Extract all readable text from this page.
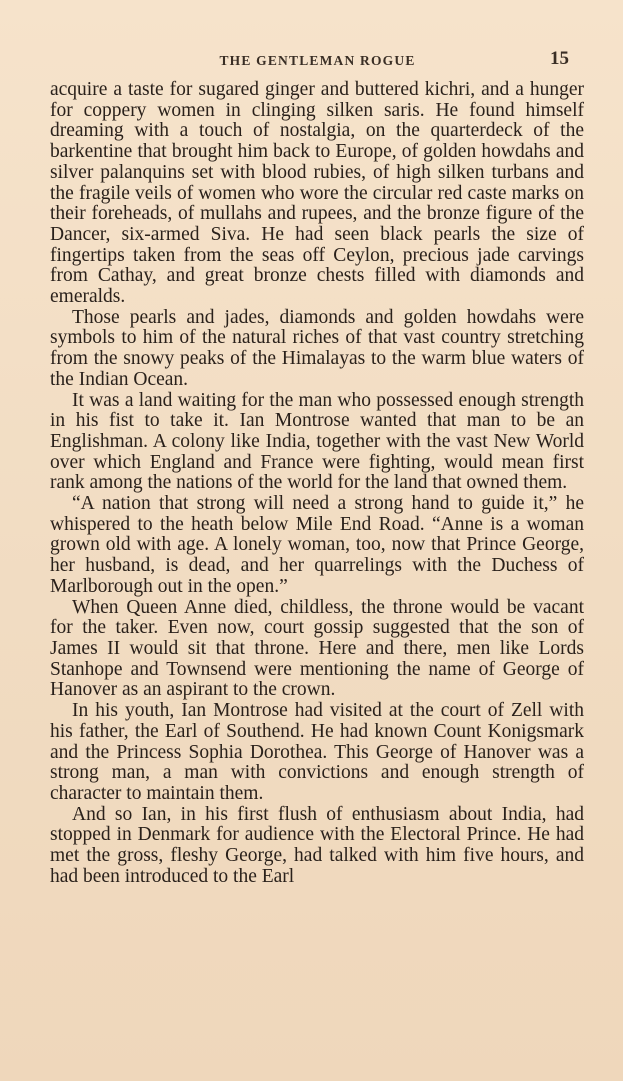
THE GENTLEMAN ROGUE	15

acquire a taste for sugared ginger and buttered kichri, and a hunger for coppery women in clinging silken saris. He found himself dreaming with a touch of nostalgia, on the quarterdeck of the barkentine that brought him back to Europe, of golden howdahs and silver palanquins set with blood rubies, of high silken turbans and the fragile veils of women who wore the circular red caste marks on their foreheads, of mullahs and rupees, and the bronze figure of the Dancer, six-armed Siva. He had seen black pearls the size of fingertips taken from the seas off Ceylon, precious jade carvings from Cathay, and great bronze chests filled with diamonds and emeralds.

Those pearls and jades, diamonds and golden howdahs were symbols to him of the natural riches of that vast country stretching from the snowy peaks of the Himalayas to the warm blue waters of the Indian Ocean.

It was a land waiting for the man who possessed enough strength in his fist to take it. Ian Montrose wanted that man to be an Englishman. A colony like India, together with the vast New World over which England and France were fighting, would mean first rank among the nations of the world for the land that owned them.

“A nation that strong will need a strong hand to guide it,” he whispered to the heath below Mile End Road. “Anne is a woman grown old with age. A lonely woman, too, now that Prince George, her husband, is dead, and her quarrelings with the Duchess of Marlborough out in the open.”

When Queen Anne died, childless, the throne would be vacant for the taker. Even now, court gossip suggested that the son of James II would sit that throne. Here and there, men like Lords Stanhope and Townsend were mentioning the name of George of Hanover as an aspirant to the crown.

In his youth, Ian Montrose had visited at the court of Zell with his father, the Earl of Southend. He had known Count Konigsmark and the Princess Sophia Dorothea. This George of Hanover was a strong man, a man with convictions and enough strength of character to maintain them.

And so Ian, in his first flush of enthusiasm about India, had stopped in Denmark for audience with the Electoral Prince. He had met the gross, fleshy George, had talked with him five hours, and had been introduced to the Earl
